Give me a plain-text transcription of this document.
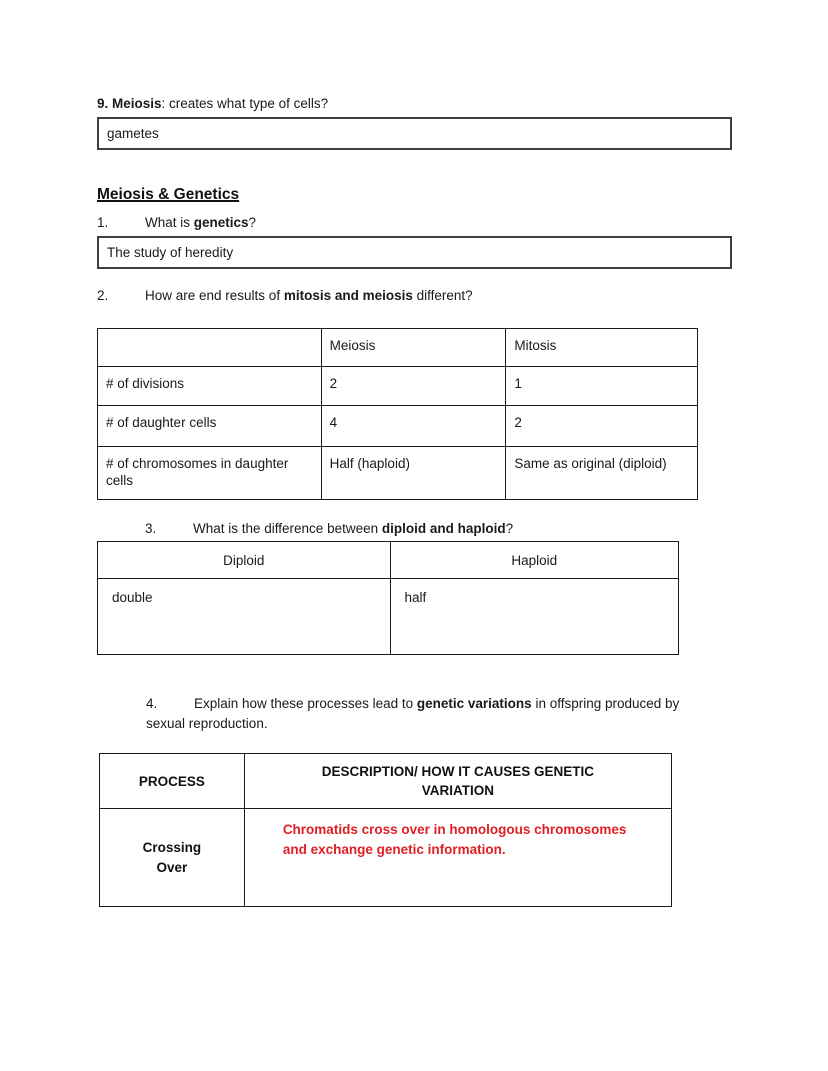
9. Meiosis: creates what type of cells?
gametes
Meiosis & Genetics
1.	What is genetics?
The study of heredity
2.	How are end results of mitosis and meiosis different?
	Meiosis	Mitosis
# of divisions	2	1
# of daughter cells	4	2
# of chromosomes in daughter cells	Half (haploid)	Same as original (diploid)
3.	What is the difference between diploid and haploid?
Diploid	Haploid
double	half
4.	Explain how these processes lead to genetic variations in offspring produced by
sexual reproduction.
PROCESS	DESCRIPTION/ HOW IT CAUSES GENETIC VARIATION
Crossing Over	Chromatids cross over in homologous chromosomes and exchange genetic information.
